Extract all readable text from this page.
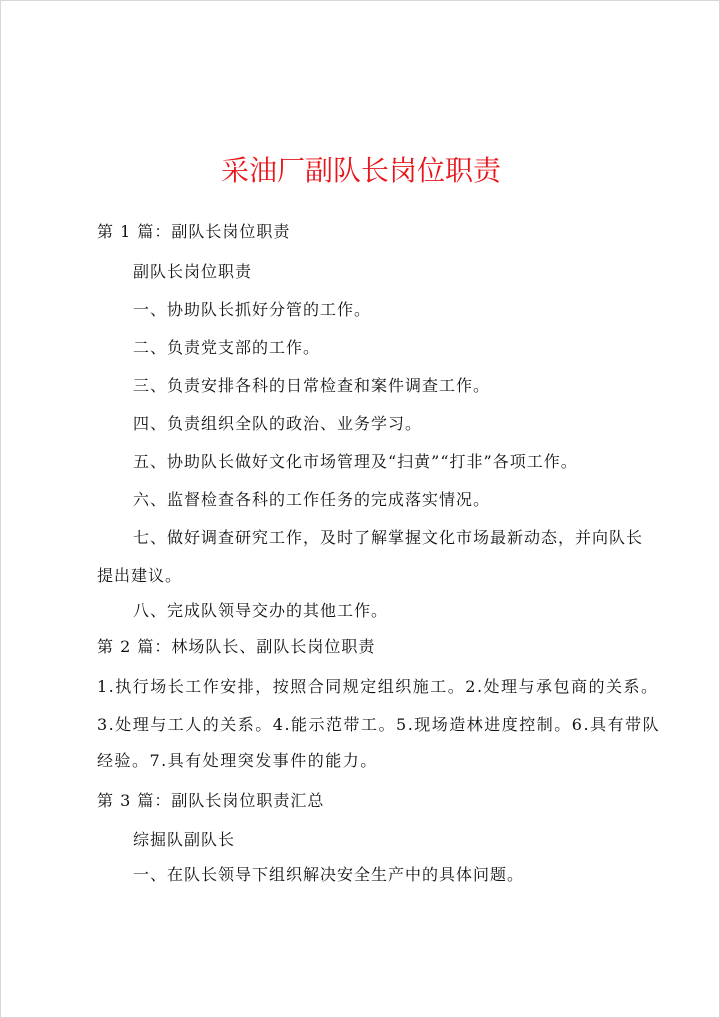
采油厂副队长岗位职责

第 1 篇：副队长岗位职责

副队长岗位职责

一、协助队长抓好分管的工作。

二、负责党支部的工作。

三、负责安排各科的日常检查和案件调查工作。

四、负责组织全队的政治、业务学习。

五、协助队长做好文化市场管理及“扫黄”“打非”各项工作。

六、监督检查各科的工作任务的完成落实情况。

七、做好调查研究工作，及时了解掌握文化市场最新动态，并向队长

提出建议。

八、完成队领导交办的其他工作。

第 2 篇：林场队长、副队长岗位职责

1.执行场长工作安排，按照合同规定组织施工。2.处理与承包商的关系。

3.处理与工人的关系。4.能示范带工。5.现场造林进度控制。6.具有带队

经验。7.具有处理突发事件的能力。

第 3 篇：副队长岗位职责汇总

综掘队副队长

一、在队长领导下组织解决安全生产中的具体问题。
